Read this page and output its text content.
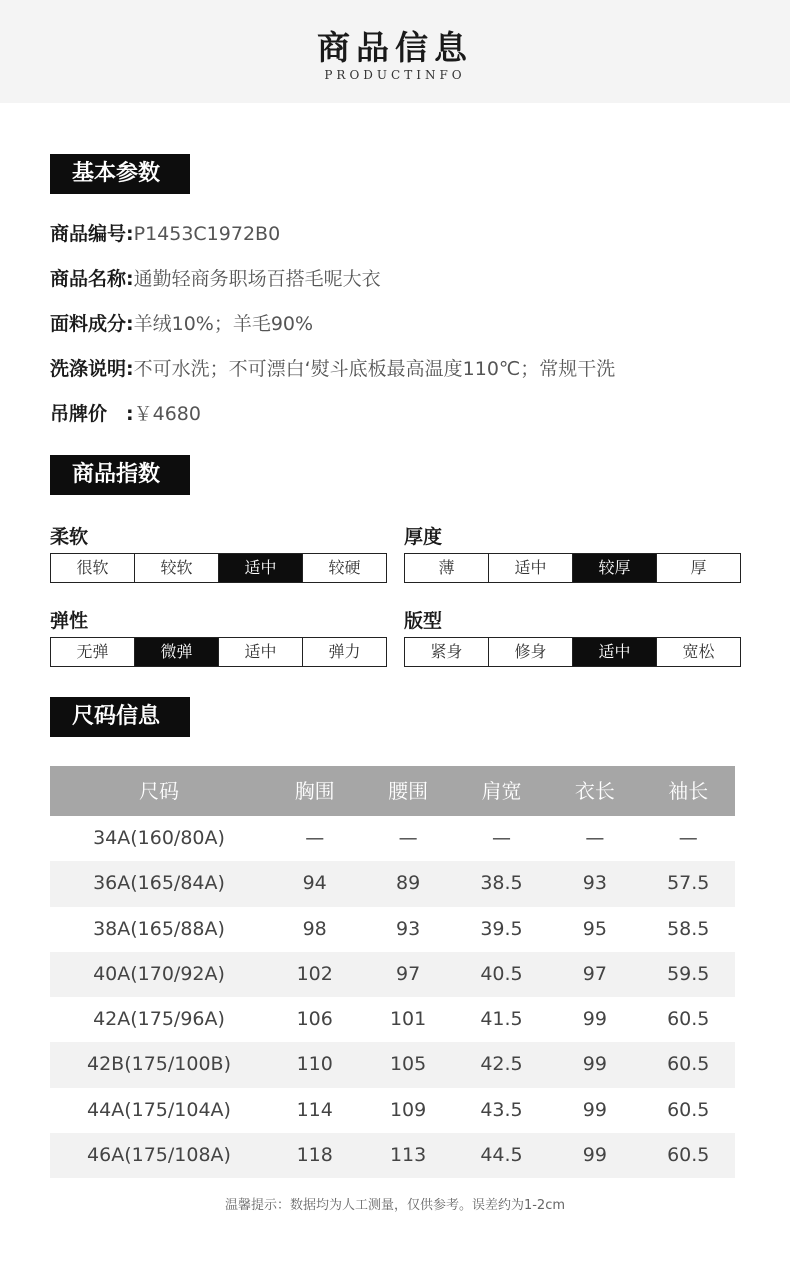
商品信息
PRODUCTINFO
基本参数
商品编号:P1453C1972B0
商品名称:通勤轻商务职场百搭毛呢大衣
面料成分:羊绒10%；羊毛90%
洗涤说明:不可水洗；不可漂白‘熨斗底板最高温度110℃；常规干洗
吊牌价　:￥4680
商品指数
柔软
很软	较软	适中	较硬
厚度
薄	适中	较厚	厚
弹性
无弹	微弹	适中	弹力
版型
紧身	修身	适中	宽松
尺码信息
尺码	胸围	腰围	肩宽	衣长	袖长
34A(160/80A)	—	—	—	—	—
36A(165/84A)	94	89	38.5	93	57.5
38A(165/88A)	98	93	39.5	95	58.5
40A(170/92A)	102	97	40.5	97	59.5
42A(175/96A)	106	101	41.5	99	60.5
42B(175/100B)	110	105	42.5	99	60.5
44A(175/104A)	114	109	43.5	99	60.5
46A(175/108A)	118	113	44.5	99	60.5
温馨提示：数据均为人工测量，仅供参考。误差约为1-2cm
